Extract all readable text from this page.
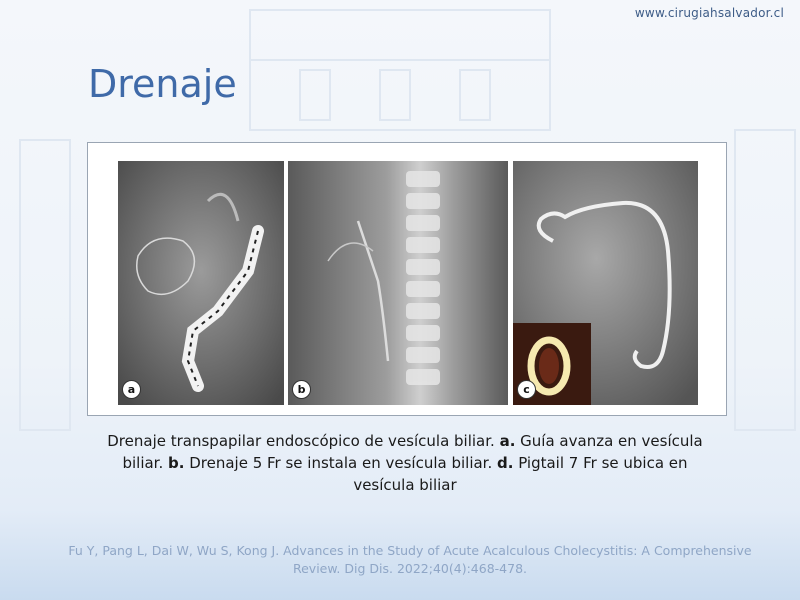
www.cirugiahsalvador.cl
Drenaje
a	b	c

Drenaje transpapilar endoscópico de vesícula biliar. a. Guía avanza en vesícula biliar. b. Drenaje 5 Fr se instala en vesícula biliar. d. Pigtail 7 Fr se ubica en vesícula biliar

Fu Y, Pang L, Dai W, Wu S, Kong J. Advances in the Study of Acute Acalculous Cholecystitis: A Comprehensive Review. Dig Dis. 2022;40(4):468-478.
